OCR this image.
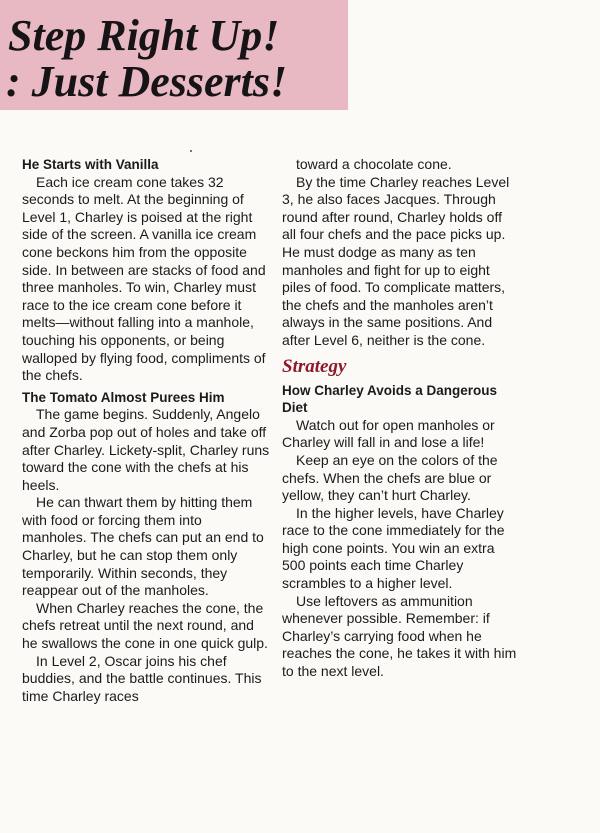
Step Right Up!
: Just Desserts!
He Starts with Vanilla

Each ice cream cone takes 32 seconds to melt. At the beginning of Level 1, Charley is poised at the right side of the screen. A vanilla ice cream cone beckons him from the opposite side. In between are stacks of food and three manholes. To win, Charley must race to the ice cream cone before it melts—without falling into a manhole, touching his opponents, or being walloped by flying food, compliments of the chefs.

The Tomato Almost Purees Him

The game begins. Suddenly, Angelo and Zorba pop out of holes and take off after Charley. Lickety-split, Charley runs toward the cone with the chefs at his heels.

He can thwart them by hitting them with food or forcing them into manholes. The chefs can put an end to Charley, but he can stop them only temporarily. Within seconds, they reappear out of the manholes.

When Charley reaches the cone, the chefs retreat until the next round, and he swallows the cone in one quick gulp.

In Level 2, Oscar joins his chef buddies, and the battle continues. This time Charley races

toward a chocolate cone.

By the time Charley reaches Level 3, he also faces Jacques. Through round after round, Charley holds off all four chefs and the pace picks up. He must dodge as many as ten manholes and fight for up to eight piles of food. To complicate matters, the chefs and the manholes aren’t always in the same positions. And after Level 6, neither is the cone.

Strategy
How Charley Avoids a Dangerous Diet

Watch out for open manholes or Charley will fall in and lose a life!

Keep an eye on the colors of the chefs. When the chefs are blue or yellow, they can’t hurt Charley.

In the higher levels, have Charley race to the cone immediately for the high cone points. You win an extra 500 points each time Charley scrambles to a higher level.

Use leftovers as ammunition whenever possible. Remember: if Charley’s carrying food when he reaches the cone, he takes it with him to the next level.
